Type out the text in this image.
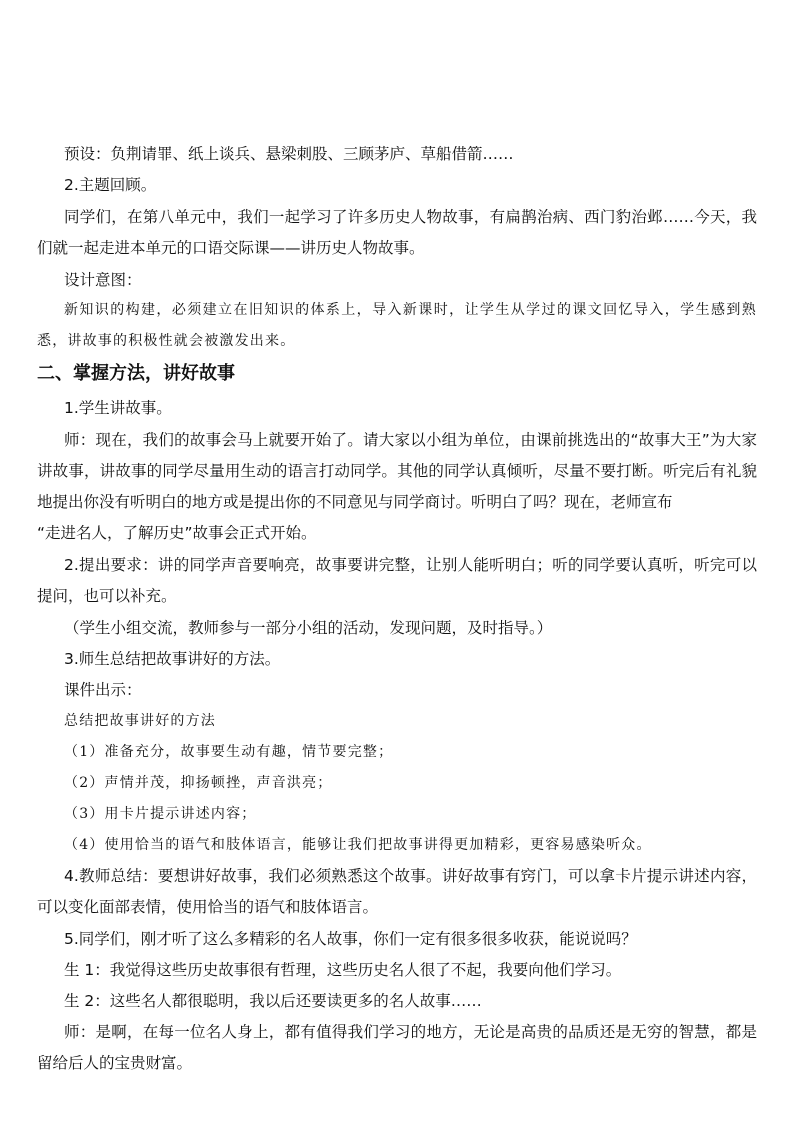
预设：负荆请罪、纸上谈兵、悬梁刺股、三顾茅庐、草船借箭……

2.主题回顾。

同学们，在第八单元中，我们一起学习了许多历史人物故事，有扁鹊治病、西门豹治邺……今天，我们就一起走进本单元的口语交际课——讲历史人物故事。

设计意图：

新知识的构建，必须建立在旧知识的体系上，导入新课时，让学生从学过的课文回忆导入，学生感到熟悉，讲故事的积极性就会被激发出来。

二、掌握方法，讲好故事

1.学生讲故事。

师：现在，我们的故事会马上就要开始了。请大家以小组为单位，由课前挑选出的“故事大王”为大家讲故事，讲故事的同学尽量用生动的语言打动同学。其他的同学认真倾听，尽量不要打断。听完后有礼貌地提出你没有听明白的地方或是提出你的不同意见与同学商讨。听明白了吗？现在，老师宣布

“走进名人，了解历史”故事会正式开始。

2.提出要求：讲的同学声音要响亮，故事要讲完整，让别人能听明白；听的同学要认真听，听完可以提问，也可以补充。

（学生小组交流，教师参与一部分小组的活动，发现问题，及时指导。）

3.师生总结把故事讲好的方法。

课件出示：

总结把故事讲好的方法

（1）准备充分，故事要生动有趣，情节要完整；

（2）声情并茂，抑扬顿挫，声音洪亮；

（3）用卡片提示讲述内容；

（4）使用恰当的语气和肢体语言，能够让我们把故事讲得更加精彩，更容易感染听众。

4.教师总结：要想讲好故事，我们必须熟悉这个故事。讲好故事有窍门，可以拿卡片提示讲述内容，可以变化面部表情，使用恰当的语气和肢体语言。

5.同学们，刚才听了这么多精彩的名人故事，你们一定有很多很多收获，能说说吗？

生 1：我觉得这些历史故事很有哲理，这些历史名人很了不起，我要向他们学习。

生 2：这些名人都很聪明，我以后还要读更多的名人故事……

师：是啊，在每一位名人身上，都有值得我们学习的地方，无论是高贵的品质还是无穷的智慧，都是留给后人的宝贵财富。
